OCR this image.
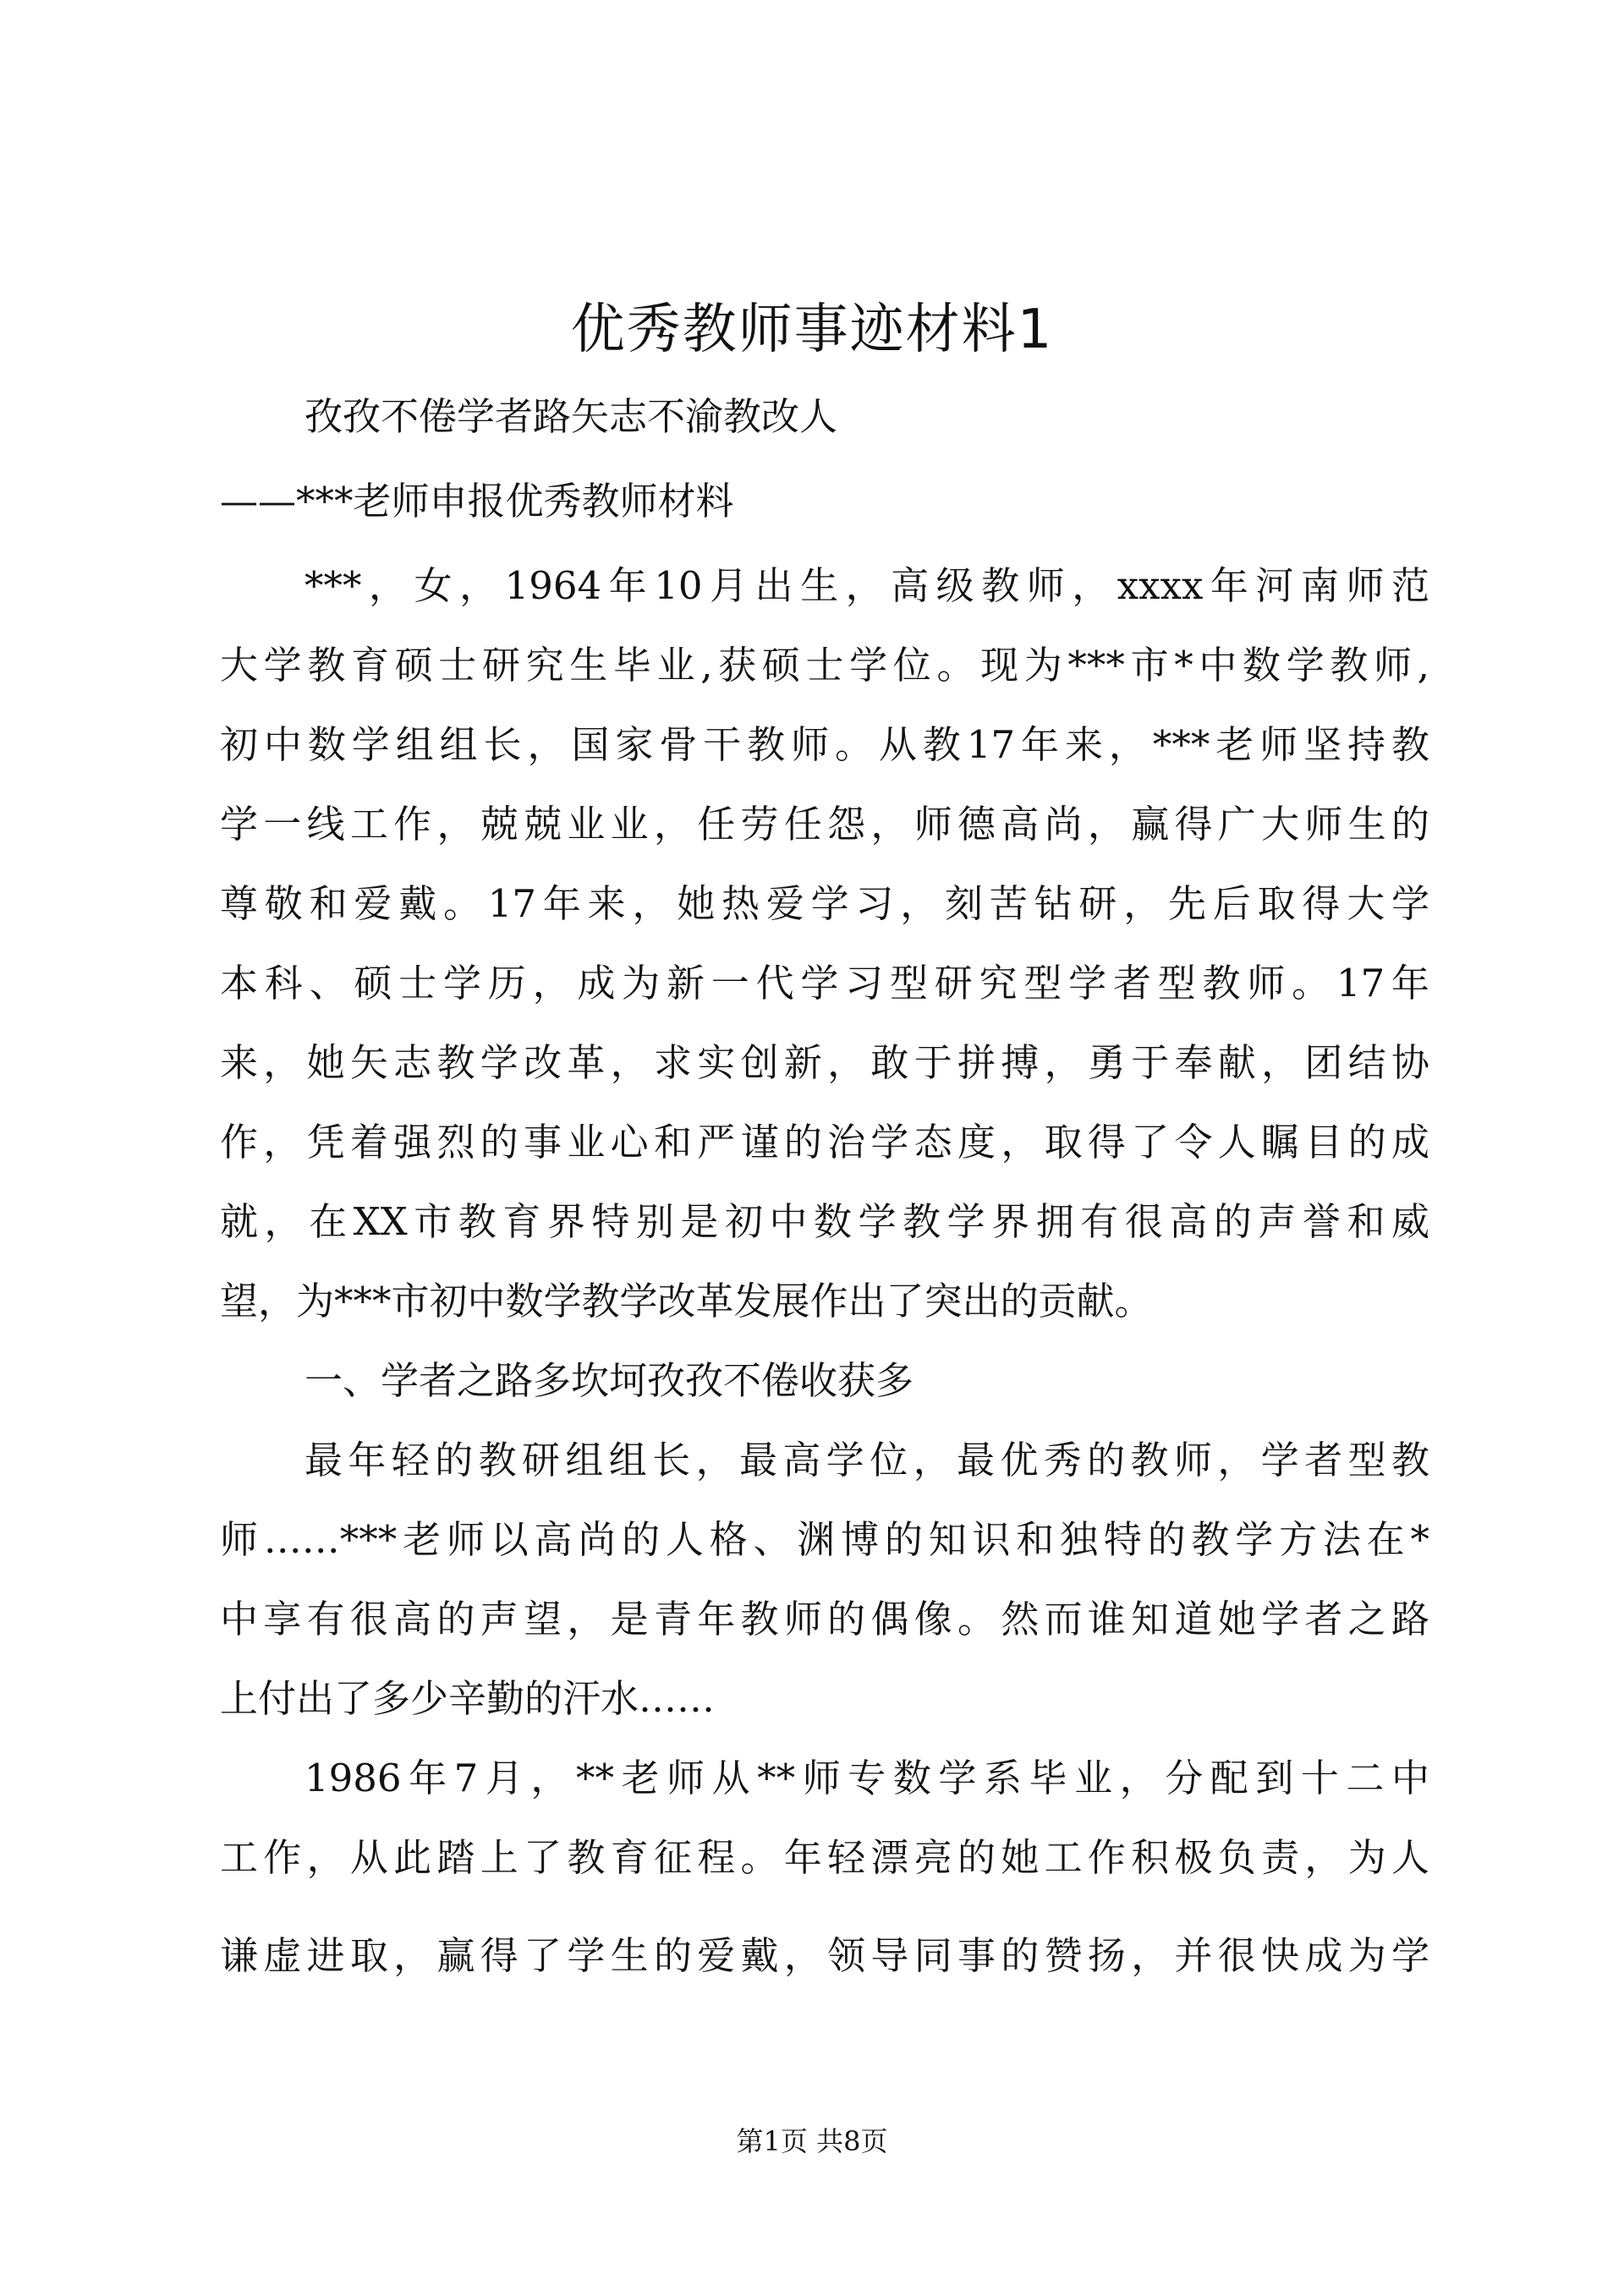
优秀教师事迹材料1
孜孜不倦学者路矢志不渝教改人
——***老师申报优秀教师材料
***，女，1964年10月出生，高级教师，xxxx年河南师范
大学教育硕士研究生毕业,获硕士学位。现为***市*中数学教师,
初中数学组组长，国家骨干教师。从教17年来，***老师坚持教
学一线工作，兢兢业业，任劳任怨，师德高尚，赢得广大师生的
尊敬和爱戴。17年来，她热爱学习，刻苦钻研，先后取得大学
本科、硕士学历，成为新一代学习型研究型学者型教师。17年
来，她矢志教学改革，求实创新，敢于拼搏，勇于奉献，团结协
作，凭着强烈的事业心和严谨的治学态度，取得了令人瞩目的成
就，在XX市教育界特别是初中数学教学界拥有很高的声誉和威
望，为***市初中数学教学改革发展作出了突出的贡献。
一、学者之路多坎坷孜孜不倦收获多
最年轻的教研组组长，最高学位，最优秀的教师，学者型教
师……***老师以高尚的人格、渊博的知识和独特的教学方法在*
中享有很高的声望，是青年教师的偶像。然而谁知道她学者之路
上付出了多少辛勤的汗水……
1986年7月，**老师从**师专数学系毕业，分配到十二中
工作，从此踏上了教育征程。年轻漂亮的她工作积极负责，为人
谦虚进取，赢得了学生的爱戴，领导同事的赞扬，并很快成为学
第1页 共8页
